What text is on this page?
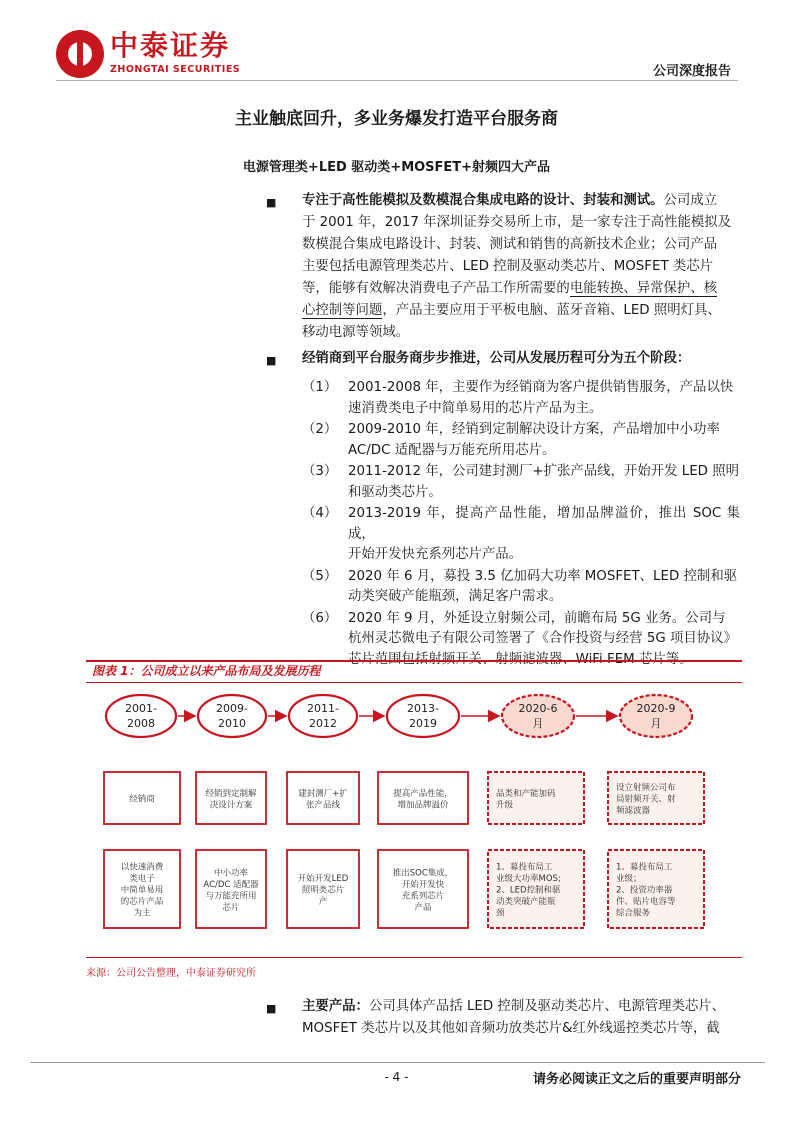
中泰证券
ZHONGTAI SECURITIES	公司深度报告
主业触底回升，多业务爆发打造平台服务商
电源管理类+LED 驱动类+MOSFET+射频四大产品
■ 专注于高性能模拟及数模混合集成电路的设计、封装和测试。公司成立
于 2001 年，2017 年深圳证券交易所上市，是一家专注于高性能模拟及
数模混合集成电路设计、封装、测试和销售的高新技术企业；公司产品
主要包括电源管理类芯片、LED 控制及驱动类芯片、MOSFET 类芯片
等，能够有效解决消费电子产品工作所需要的电能转换、异常保护、核
心控制等问题，产品主要应用于平板电脑、蓝牙音箱、LED 照明灯具、
移动电源等领域。
■ 经销商到平台服务商步步推进，公司从发展历程可分为五个阶段：
（1） 2001-2008 年，主要作为经销商为客户提供销售服务，产品以快
速消费类电子中简单易用的芯片产品为主。
（2） 2009-2010 年，经销到定制解决设计方案，产品增加中小功率
AC/DC 适配器与万能充所用芯片。
（3） 2011-2012 年，公司建封测厂+扩张产品线，开始开发 LED 照明
和驱动类芯片。
（4） 2013-2019 年，提高产品性能，增加品牌溢价，推出 SOC 集成，
开始开发快充系列芯片产品。
（5） 2020 年 6 月，募投 3.5 亿加码大功率 MOSFET、LED 控制和驱
动类突破产能瓶颈，满足客户需求。
（6） 2020 年 9 月，外延设立射频公司，前瞻布局 5G 业务。公司与
杭州灵芯微电子有限公司签署了《合作投资与经营 5G 项目协议》
芯片范围包括射频开关、射频滤波器、WiFi FEM 芯片等。
图表 1：公司成立以来产品布局及发展历程
2001-
2008
2009-
2010
2011-
2012
2013-
2019
2020-6
月
2020-9
月
经销商
经销到定制解
决设计方案
建封测厂+扩
张产品线
提高产品性能，
增加品牌溢价
品类和产能加码
升级
设立射频公司布
局射频开关、射
频滤波器
以快速消费
类电子
中简单易用
的芯片产品
为主
中小功率
AC/DC 适配器
与万能充所用
芯片
开始开发LED
照明类芯片
产
推出SOC集成，
开始开发快
充系列芯片
产品
1、募投布局工
业级大功率MOS;
2、LED控制和驱
动类突破产能瓶
颈
1、募投布局工
业级；
2、投资功率器
件、贴片电容等
综合服务
来源：公司公告整理，中泰证券研究所
■ 主要产品：公司具体产品括 LED 控制及驱动类芯片、电源管理类芯片、
MOSFET 类芯片以及其他如音频功放类芯片&红外线遥控类芯片等，截
- 4 -	请务必阅读正文之后的重要声明部分
